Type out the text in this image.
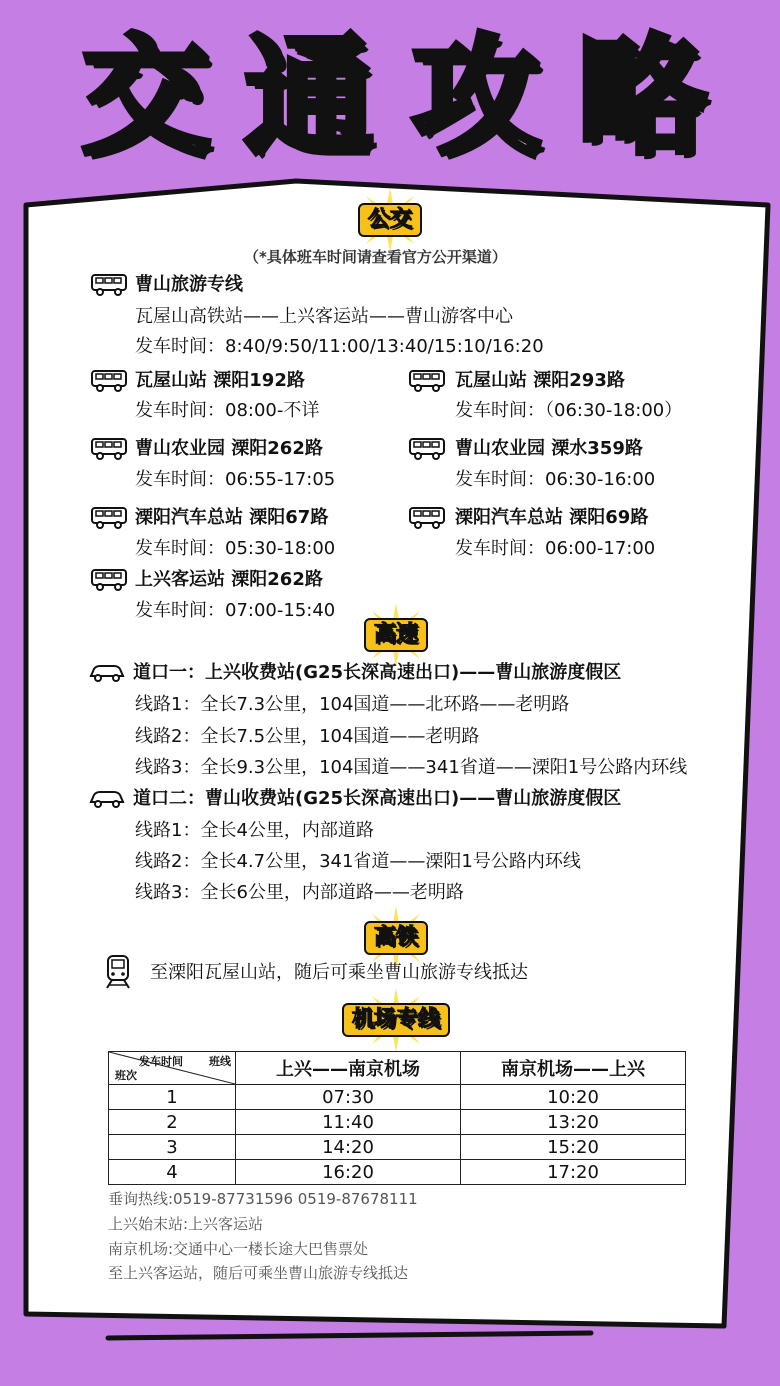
交 通 攻 略
公交
（*具体班车时间请查看官方公开渠道）
曹山旅游专线
瓦屋山高铁站——上兴客运站——曹山游客中心
发车时间：8:40/9:50/11:00/13:40/15:10/16:20
瓦屋山站 溧阳192路
发车时间：08:00-不详
瓦屋山站 溧阳293路
发车时间：（06:30-18:00）
曹山农业园 溧阳262路
发车时间：06:55-17:05
曹山农业园 溧水359路
发车时间：06:30-16:00
溧阳汽车总站 溧阳67路
发车时间：05:30-18:00
溧阳汽车总站 溧阳69路
发车时间：06:00-17:00
上兴客运站 溧阳262路
发车时间：07:00-15:40
高速
道口一：上兴收费站(G25长深高速出口)——曹山旅游度假区
线路1：全长7.3公里，104国道——北环路——老明路
线路2：全长7.5公里，104国道——老明路
线路3：全长9.3公里，104国道——341省道——溧阳1号公路内环线
道口二：曹山收费站(G25长深高速出口)——曹山旅游度假区
线路1：全长4公里，内部道路
线路2：全长4.7公里，341省道——溧阳1号公路内环线
线路3：全长6公里，内部道路——老明路
高铁
至溧阳瓦屋山站，随后可乘坐曹山旅游专线抵达
机场专线
发车时间 班线
班次	上兴——南京机场	南京机场——上兴
1	07:30	10:20
2	11:40	13:20
3	14:20	15:20
4	16:20	17:20
垂询热线:0519-87731596 0519-87678111
上兴始末站:上兴客运站
南京机场:交通中心一楼长途大巴售票处
至上兴客运站，随后可乘坐曹山旅游专线抵达
